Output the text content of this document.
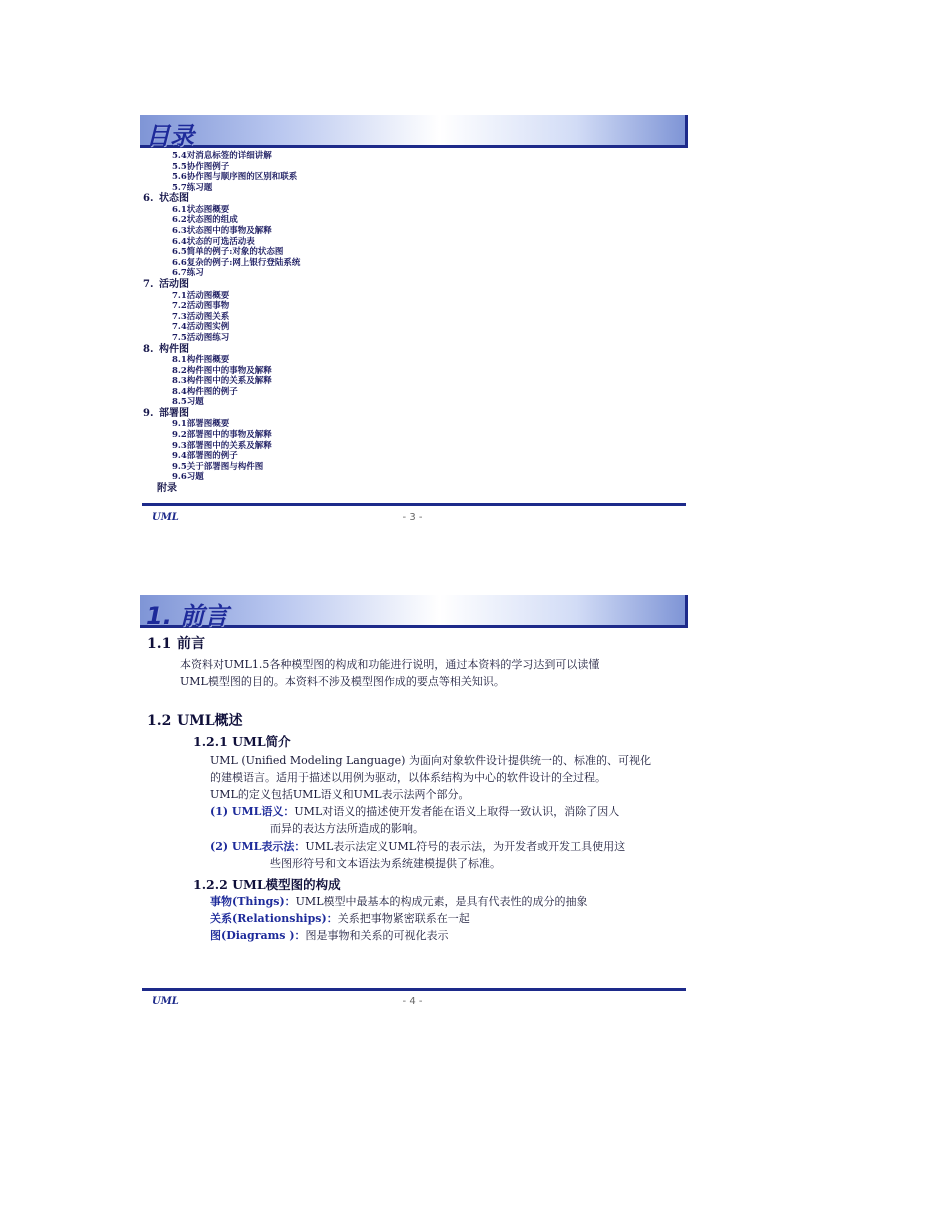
目录
5.4对消息标签的详细讲解
5.5协作图例子
5.6协作图与顺序图的区别和联系
5.7练习题
6. 状态图
6.1状态图概要
6.2状态图的组成
6.3状态图中的事物及解释
6.4状态的可选活动表
6.5简单的例子:对象的状态图
6.6复杂的例子:网上银行登陆系统
6.7练习
7. 活动图
7.1活动图概要
7.2活动图事物
7.3活动图关系
7.4活动图实例
7.5活动图练习
8. 构件图
8.1构件图概要
8.2构件图中的事物及解释
8.3构件图中的关系及解释
8.4构件图的例子
8.5习题
9. 部署图
9.1部署图概要
9.2部署图中的事物及解释
9.3部署图中的关系及解释
9.4部署图的例子
9.5关于部署图与构件图
9.6习题
附录
UML	- 3 -
1. 前言
1.1 前言
本资料对UML1.5各种模型图的构成和功能进行说明，通过本资料的学习达到可以读懂
UML模型图的目的。本资料不涉及模型图作成的要点等相关知识。
1.2 UML概述
1.2.1 UML简介
UML (Unified Modeling Language) 为面向对象软件设计提供统一的、标准的、可视化
的建模语言。适用于描述以用例为驱动，以体系结构为中心的软件设计的全过程。
UML的定义包括UML语义和UML表示法两个部分。
(1) UML语义：UML对语义的描述使开发者能在语义上取得一致认识，消除了因人
而异的表达方法所造成的影响。
(2) UML表示法：UML表示法定义UML符号的表示法，为开发者或开发工具使用这
些图形符号和文本语法为系统建模提供了标准。
1.2.2 UML模型图的构成
事物(Things)：UML模型中最基本的构成元素，是具有代表性的成分的抽象
关系(Relationships)：关系把事物紧密联系在一起
图(Diagrams )：图是事物和关系的可视化表示
UML	- 4 -
